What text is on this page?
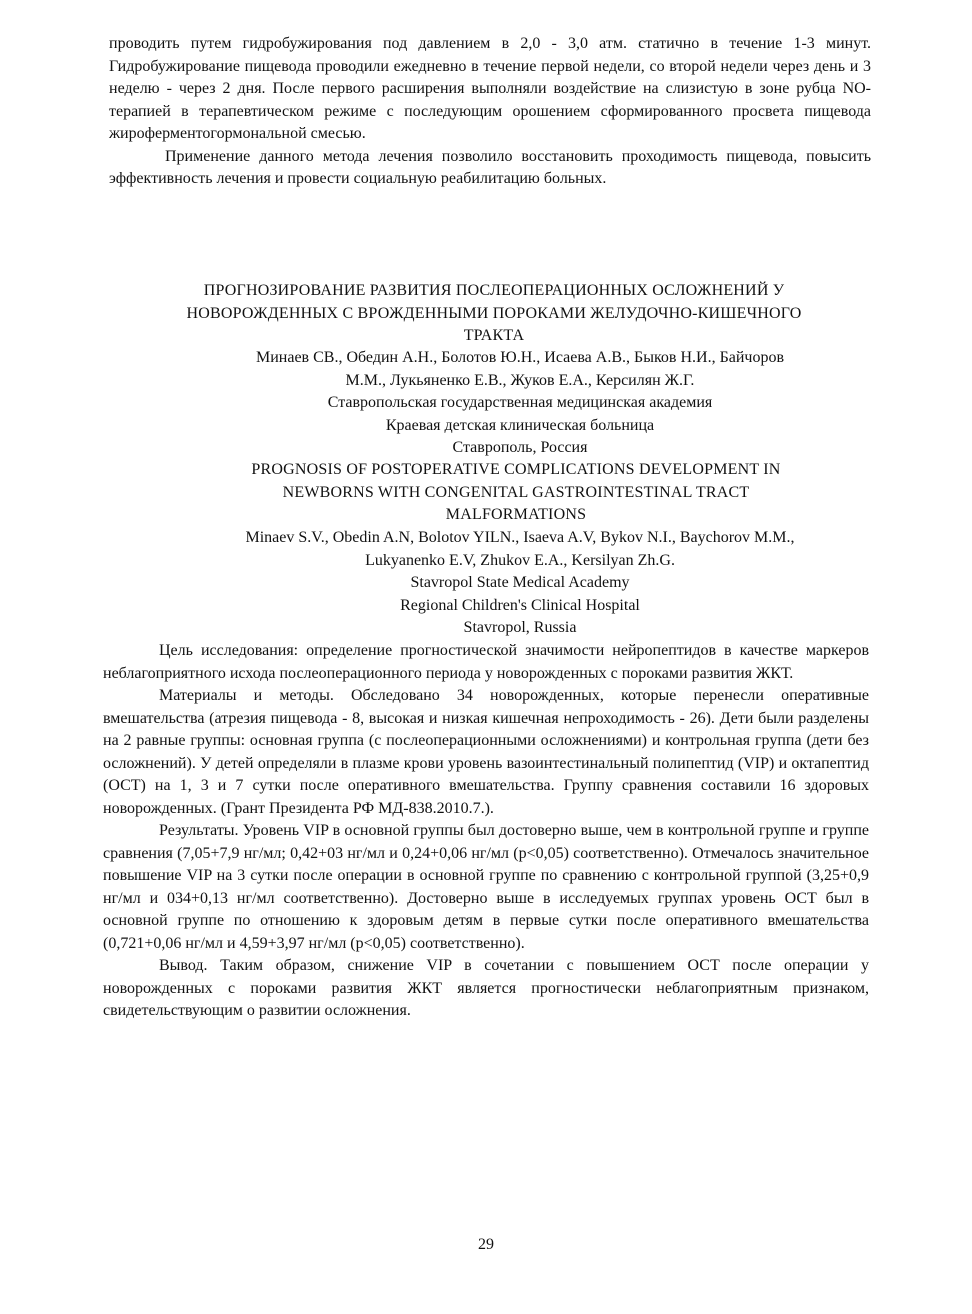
проводить путем гидробужирования под давлением в 2,0 - 3,0 атм. статично в течение 1-3 минут. Гидробужирование пищевода проводили ежедневно в течение первой недели, со второй недели через день и 3 неделю - через 2 дня. После первого расширения выполняли воздействие на слизистую в зоне рубца NO-терапией в терапевтическом режиме с последующим орошением сформированного просвета пищевода жироферментогормональной смесью.

Применение данного метода лечения позволило восстановить проходимость пищевода, повысить эффективность лечения и провести социальную реабилитацию больных.

ПРОГНОЗИРОВАНИЕ РАЗВИТИЯ ПОСЛЕОПЕРАЦИОННЫХ ОСЛОЖНЕНИЙ У
НОВОРОЖДЕННЫХ С ВРОЖДЕННЫМИ ПОРОКАМИ ЖЕЛУДОЧНО-КИШЕЧНОГО
ТРАКТА
Минаев СВ., Обедин А.Н., Болотов Ю.Н., Исаева А.В., Быков Н.И., Байчоров
М.М., Лукьяненко Е.В., Жуков Е.А., Керсилян Ж.Г.
Ставропольская государственная медицинская академия
Краевая детская клиническая больница
Ставрополь, Россия
PROGNOSIS OF POSTOPERATIVE COMPLICATIONS DEVELOPMENT IN
NEWBORNS WITH CONGENITAL GASTROINTESTINAL TRACT
MALFORMATIONS
Minaev S.V., Obedin A.N, Bolotov YILN., Isaeva A.V, Bykov N.I., Baychorov M.M.,
Lukyanenko E.V, Zhukov E.A., Kersilyan Zh.G.
Stavropol State Medical Academy
Regional Children's Clinical Hospital
Stavropol, Russia

Цель исследования: определение прогностической значимости нейропептидов в качестве маркеров неблагоприятного исхода послеоперационного периода у новорожденных с пороками развития ЖКТ.

Материалы и методы. Обследовано 34 новорожденных, которые перенесли оперативные вмешательства (атрезия пищевода - 8, высокая и низкая кишечная непроходимость - 26). Дети были разделены на 2 равные группы: основная группа (с послеоперационными осложнениями) и контрольная группа (дети без осложнений). У детей определяли в плазме крови уровень вазоинтестинальный полипептид (VIP) и октапептид (ОСТ) на 1, 3 и 7 сутки после оперативного вмешательства. Группу сравнения составили 16 здоровых новорожденных. (Грант Президента РФ МД-838.2010.7.).

Результаты. Уровень VIP в основной группы был достоверно выше, чем в контрольной группе и группе сравнения (7,05+7,9 нг/мл; 0,42+03 нг/мл и 0,24+0,06 нг/мл (р<0,05) соответственно). Отмечалось значительное повышение VIP на 3 сутки после операции в основной группе по сравнению с контрольной группой (3,25+0,9 нг/мл и 034+0,13 нг/мл соответственно). Достоверно выше в исследуемых группах уровень ОСТ был в основной группе по отношению к здоровым детям в первые сутки после оперативного вмешательства (0,721+0,06 нг/мл и 4,59+3,97 нг/мл (р<0,05) соответственно).

Вывод. Таким образом, снижение VIP в сочетании с повышением ОСТ после операции у новорожденных с пороками развития ЖКТ является прогностически неблагоприятным признаком, свидетельствующим о развитии осложнения.

29
